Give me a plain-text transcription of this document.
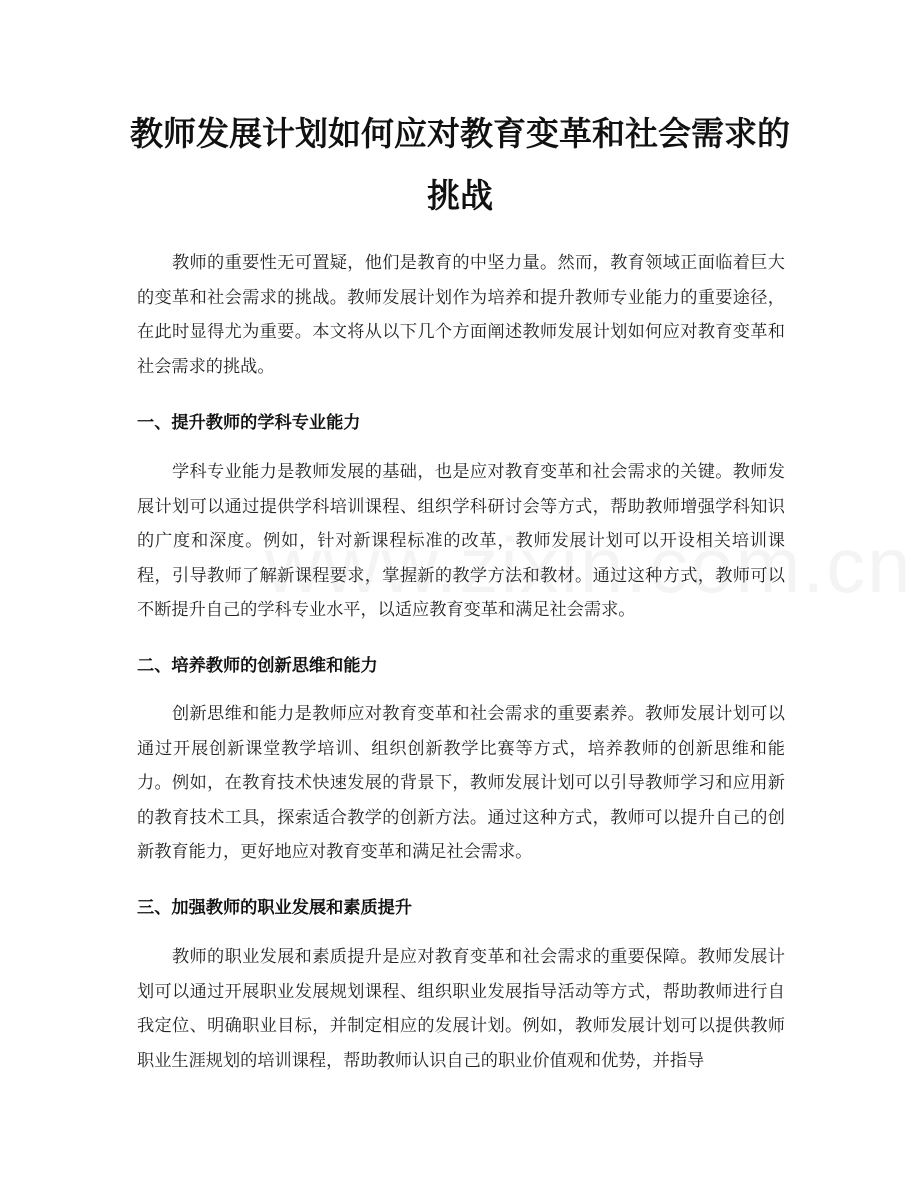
教师发展计划如何应对教育变革和社会需求的挑战

教师的重要性无可置疑，他们是教育的中坚力量。然而，教育领域正面临着巨大的变革和社会需求的挑战。教师发展计划作为培养和提升教师专业能力的重要途径，在此时显得尤为重要。本文将从以下几个方面阐述教师发展计划如何应对教育变革和社会需求的挑战。

一、提升教师的学科专业能力

学科专业能力是教师发展的基础，也是应对教育变革和社会需求的关键。教师发展计划可以通过提供学科培训课程、组织学科研讨会等方式，帮助教师增强学科知识的广度和深度。例如，针对新课程标准的改革，教师发展计划可以开设相关培训课程，引导教师了解新课程要求，掌握新的教学方法和教材。通过这种方式，教师可以不断提升自己的学科专业水平，以适应教育变革和满足社会需求。

二、培养教师的创新思维和能力

创新思维和能力是教师应对教育变革和社会需求的重要素养。教师发展计划可以通过开展创新课堂教学培训、组织创新教学比赛等方式，培养教师的创新思维和能力。例如，在教育技术快速发展的背景下，教师发展计划可以引导教师学习和应用新的教育技术工具，探索适合教学的创新方法。通过这种方式，教师可以提升自己的创新教育能力，更好地应对教育变革和满足社会需求。

三、加强教师的职业发展和素质提升

教师的职业发展和素质提升是应对教育变革和社会需求的重要保障。教师发展计划可以通过开展职业发展规划课程、组织职业发展指导活动等方式，帮助教师进行自我定位、明确职业目标，并制定相应的发展计划。例如，教师发展计划可以提供教师职业生涯规划的培训课程，帮助教师认识自己的职业价值观和优势，并指导
